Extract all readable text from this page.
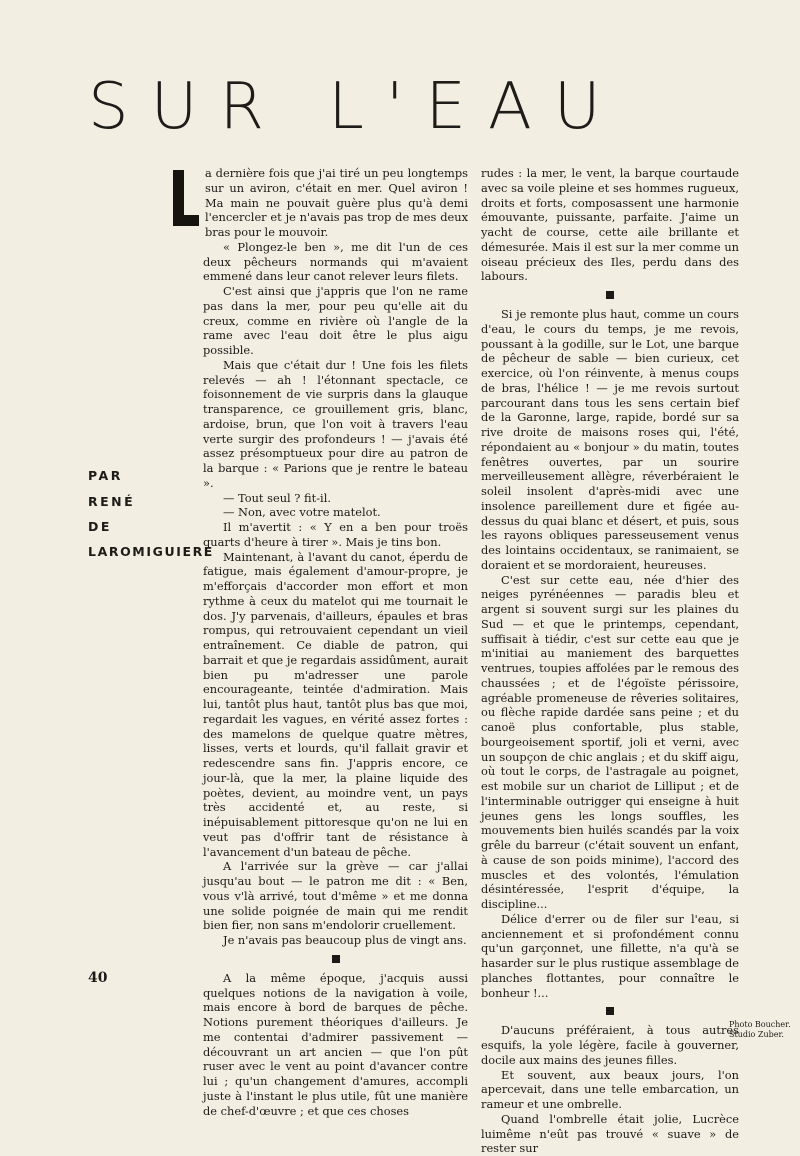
SUR L'EAU
PAR
RENÉ
DE
LAROMIGUIERE

a dernière fois que j'ai tiré un peu longtemps sur un aviron, c'était en mer. Quel aviron ! Ma main ne pouvait guère plus qu'à demi l'encercler et je n'avais pas trop de mes deux bras pour le mouvoir.

« Plongez-le ben », me dit l'un de ces deux pêcheurs normands qui m'avaient emmené dans leur canot relever leurs filets.

C'est ainsi que j'appris que l'on ne rame pas dans la mer, pour peu qu'elle ait du creux, comme en rivière où l'angle de la rame avec l'eau doit être le plus aigu possible.

Mais que c'était dur ! Une fois les filets relevés — ah ! l'étonnant spectacle, ce foisonnement de vie surpris dans la glauque transparence, ce grouillement gris, blanc, ardoise, brun, que l'on voit à travers l'eau verte surgir des profondeurs ! — j'avais été assez présomptueux pour dire au patron de la barque : « Parions que je rentre le bateau ».

— Tout seul ? fit-il.

— Non, avec votre matelot.

Il m'avertit : « Y en a ben pour troës quarts d'heure à tirer ». Mais je tins bon.

Maintenant, à l'avant du canot, éperdu de fatigue, mais également d'amour-propre, je m'efforçais d'accorder mon effort et mon rythme à ceux du matelot qui me tournait le dos. J'y parvenais, d'ailleurs, épaules et bras rompus, qui retrouvaient cependant un vieil entraînement. Ce diable de patron, qui barrait et que je regardais assidûment, aurait bien pu m'adresser une parole encourageante, teintée d'admiration. Mais lui, tantôt plus haut, tantôt plus bas que moi, regardait les vagues, en vérité assez fortes : des mamelons de quelque quatre mètres, lisses, verts et lourds, qu'il fallait gravir et redescendre sans fin. J'appris encore, ce jour-là, que la mer, la plaine liquide des poètes, devient, au moindre vent, un pays très accidenté et, au reste, si inépuisablement pittoresque qu'on ne lui en veut pas d'offrir tant de résistance à l'avancement d'un bateau de pêche.

A l'arrivée sur la grève — car j'allai jusqu'au bout — le patron me dit : « Ben, vous v'là arrivé, tout d'même » et me donna une solide poignée de main qui me rendit bien fier, non sans m'endolorir cruellement.

Je n'avais pas beaucoup plus de vingt ans.

A la même époque, j'acquis aussi quelques notions de la navigation à voile, mais encore à bord de barques de pêche. Notions purement théoriques d'ailleurs. Je me contentai d'admirer passivement — découvrant un art ancien — que l'on pût ruser avec le vent au point d'avancer contre lui ; qu'un changement d'amures, accompli juste à l'instant le plus utile, fût une manière de chef-d'œuvre ; et que ces choses

rudes : la mer, le vent, la barque courtaude avec sa voile pleine et ses hommes rugueux, droits et forts, composassent une harmonie émouvante, puissante, parfaite. J'aime un yacht de course, cette aile brillante et démesurée. Mais il est sur la mer comme un oiseau précieux des Iles, perdu dans des labours.

Si je remonte plus haut, comme un cours d'eau, le cours du temps, je me revois, poussant à la godille, sur le Lot, une barque de pêcheur de sable — bien curieux, cet exercice, où l'on réinvente, à menus coups de bras, l'hélice ! — je me revois surtout parcourant dans tous les sens certain bief de la Garonne, large, rapide, bordé sur sa rive droite de maisons roses qui, l'été, répondaient au « bonjour » du matin, toutes fenêtres ouvertes, par un sourire merveilleusement allègre, réverbéraient le soleil insolent d'après-midi avec une insolence pareillement dure et figée au-dessus du quai blanc et désert, et puis, sous les rayons obliques paresseusement venus des lointains occidentaux, se ranimaient, se doraient et se mordoraient, heureuses.

C'est sur cette eau, née d'hier des neiges pyrénéennes — paradis bleu et argent si souvent surgi sur les plaines du Sud — et que le printemps, cependant, suffisait à tiédir, c'est sur cette eau que je m'initiai au maniement des barquettes ventrues, toupies affolées par le remous des chaussées ; et de l'égoïste périssoire, agréable promeneuse de rêveries solitaires, ou flèche rapide dardée sans peine ; et du canoë plus confortable, plus stable, bourgeoisement sportif, joli et verni, avec un soupçon de chic anglais ; et du skiff aigu, où tout le corps, de l'astragale au poignet, est mobile sur un chariot de Lilliput ; et de l'interminable outrigger qui enseigne à huit jeunes gens les longs souffles, les mouvements bien huilés scandés par la voix grêle du barreur (c'était souvent un enfant, à cause de son poids minime), l'accord des muscles et des volontés, l'émulation désintéressée, l'esprit d'équipe, la discipline...

Délice d'errer ou de filer sur l'eau, si anciennement et si profondément connu qu'un garçonnet, une fillette, n'a qu'à se hasarder sur le plus rustique assemblage de planches flottantes, pour connaître le bonheur !...

D'aucuns préféraient, à tous autres esquifs, la yole légère, facile à gouverner, docile aux mains des jeunes filles.

Et souvent, aux beaux jours, l'on apercevait, dans une telle embarcation, un rameur et une ombrelle.

Quand l'ombrelle était jolie, Lucrèce luimême n'eût pas trouvé « suave » de rester sur

40
Photo Boucher.
Studio Zuber.
